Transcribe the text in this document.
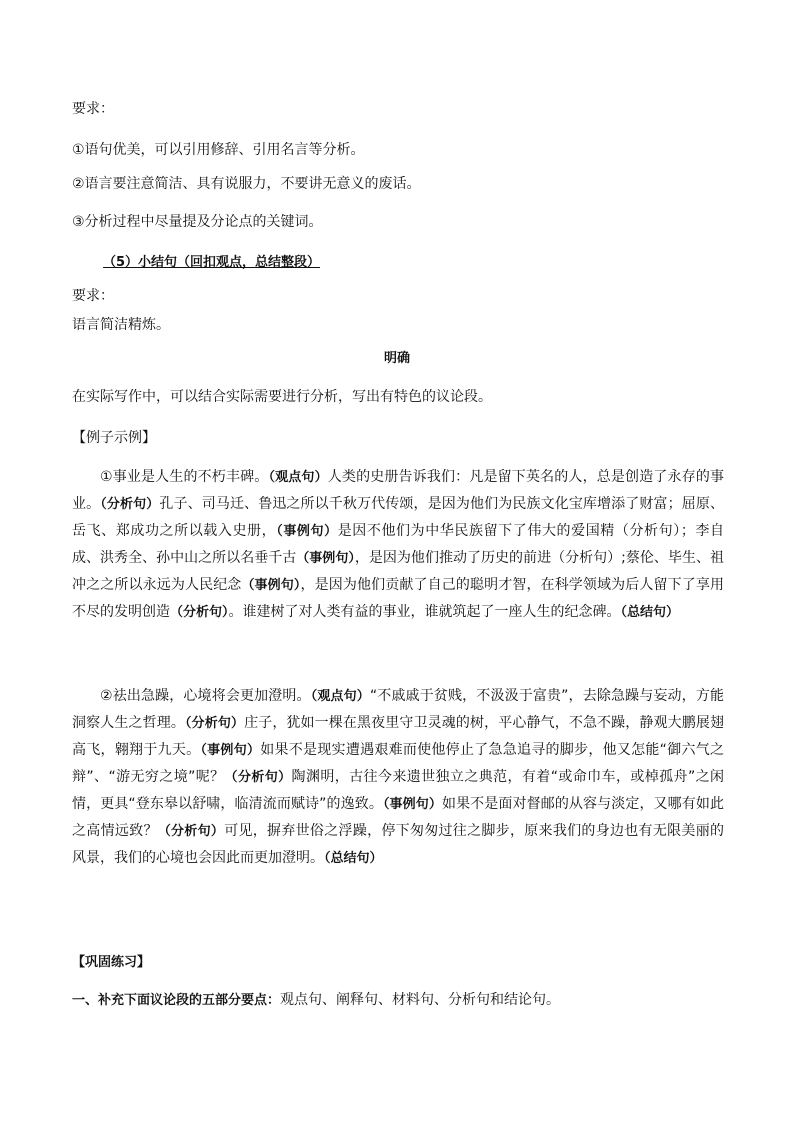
要求：
①语句优美，可以引用修辞、引用名言等分析。
②语言要注意简洁、具有说服力，不要讲无意义的废话。
③分析过程中尽量提及分论点的关键词。
（5）小结句（回扣观点，总结整段）
要求：
语言简洁精炼。
明确
在实际写作中，可以结合实际需要进行分析，写出有特色的议论段。
【例子示例】
①事业是人生的不朽丰碑。（观点句）人类的史册告诉我们：凡是留下英名的人，总是创造了永存的事业。（分析句）孔子、司马迁、鲁迅之所以千秋万代传颂，是因为他们为民族文化宝库增添了财富；屈原、岳飞、郑成功之所以载入史册，（事例句）是因不他们为中华民族留下了伟大的爱国精（分析句）；李自成、洪秀全、孙中山之所以名垂千古（事例句），是因为他们推动了历史的前进（分析句）;蔡伦、毕生、祖冲之之所以永远为人民纪念（事例句），是因为他们贡献了自己的聪明才智，在科学领域为后人留下了享用不尽的发明创造（分析句）。谁建树了对人类有益的事业，谁就筑起了一座人生的纪念碑。（总结句）
②祛出急躁，心境将会更加澄明。（观点句）“不戚戚于贫贱，不汲汲于富贵”，去除急躁与妄动，方能洞察人生之哲理。（分析句）庄子，犹如一棵在黑夜里守卫灵魂的树，平心静气，不急不躁，静观大鹏展翅高飞，翱翔于九天。（事例句）如果不是现实遭遇艰难而使他停止了急急追寻的脚步，他又怎能“御六气之辩”、“游无穷之境”呢？（分析句）陶渊明，古往今来遗世独立之典范，有着“或命巾车，或棹孤舟”之闲情，更具“登东皋以舒啸，临清流而赋诗”的逸致。（事例句）如果不是面对督邮的从容与淡定，又哪有如此之高情远致？（分析句）可见，摒弃世俗之浮躁，停下匆匆过往之脚步，原来我们的身边也有无限美丽的风景，我们的心境也会因此而更加澄明。（总结句）
【巩固练习】
一、补充下面议论段的五部分要点：观点句、阐释句、材料句、分析句和结论句。
